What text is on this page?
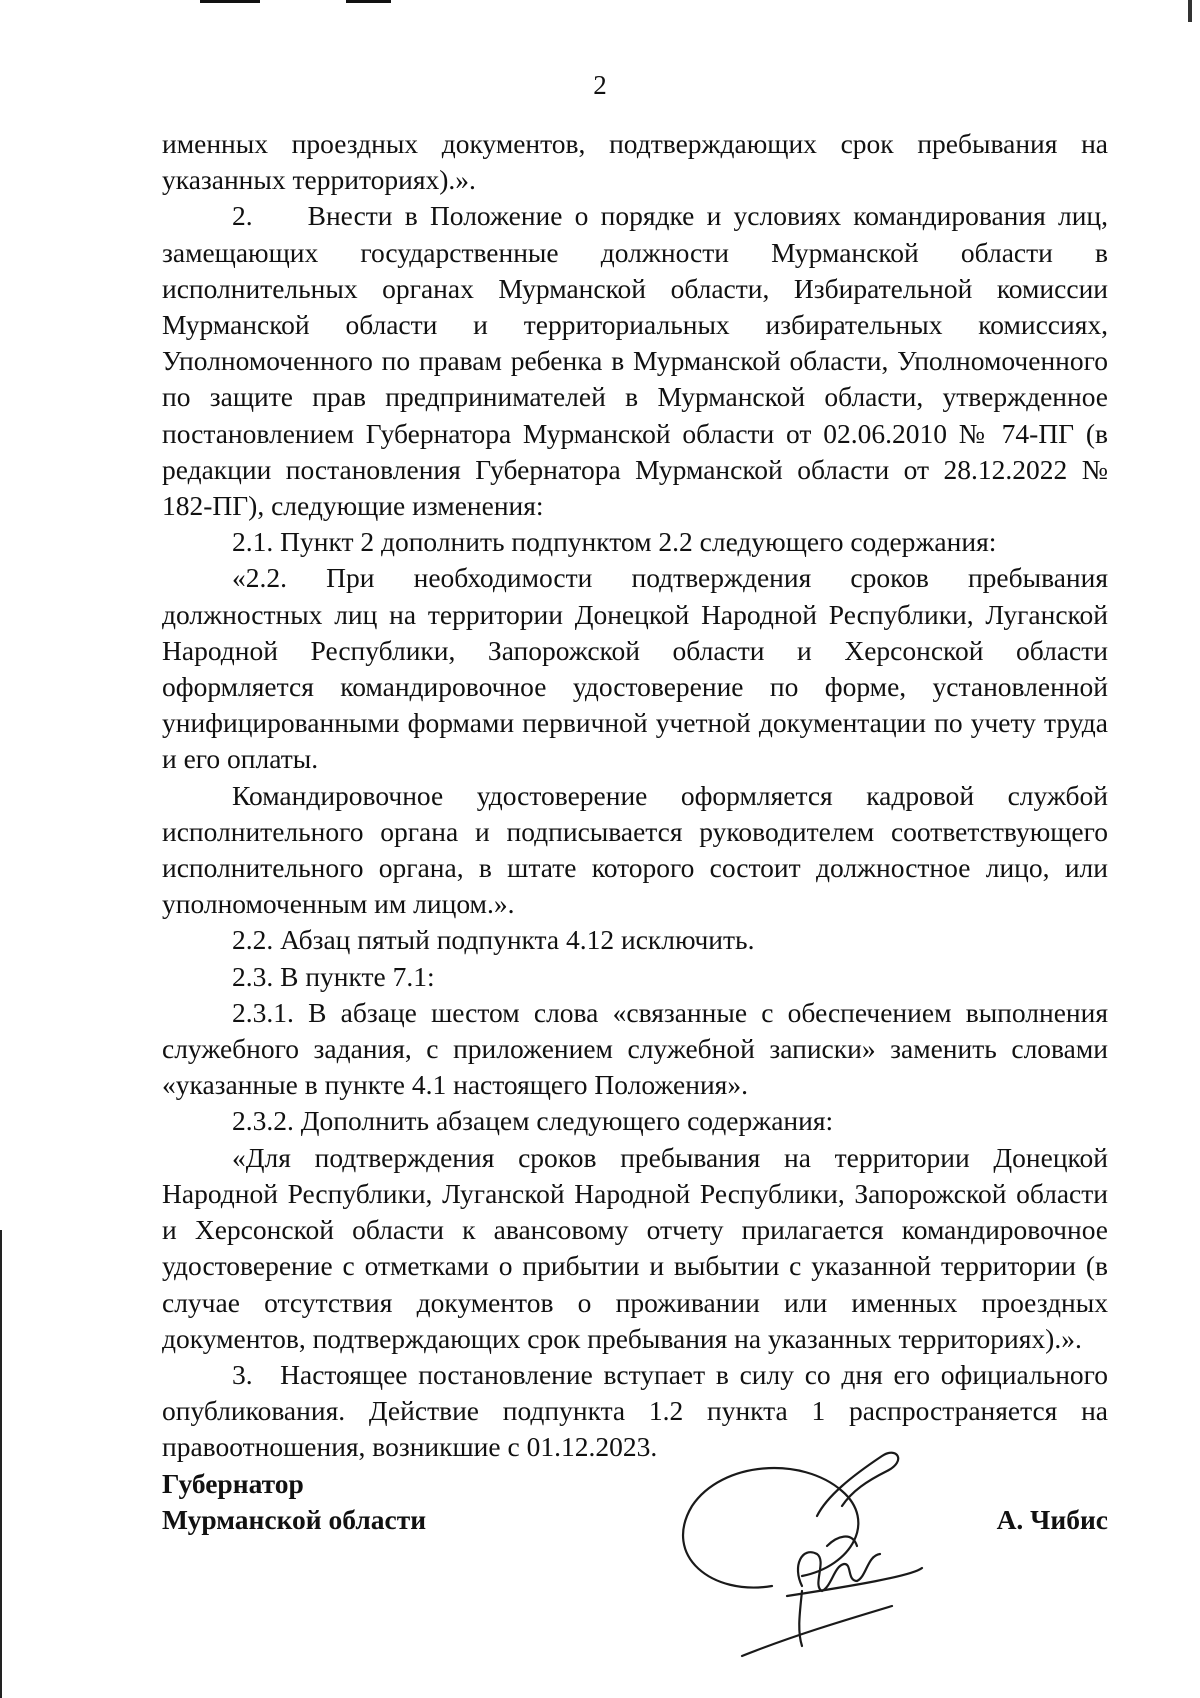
2

именных проездных документов, подтверждающих срок пребывания на указанных территориях).».

2.  Внести в Положение о порядке и условиях командирования лиц, замещающих государственные должности Мурманской области в исполнительных органах Мурманской области, Избирательной комиссии Мурманской области и территориальных избирательных комиссиях, Уполномоченного по правам ребенка в Мурманской области, Уполномоченного по защите прав предпринимателей в Мурманской области, утвержденное постановлением Губернатора Мурманской области от 02.06.2010 № 74-ПГ (в редакции постановления Губернатора Мурманской области от 28.12.2022 № 182-ПГ), следующие изменения:

2.1. Пункт 2 дополнить подпунктом 2.2 следующего содержания:

«2.2. При необходимости подтверждения сроков пребывания должностных лиц на территории Донецкой Народной Республики, Луганской Народной Республики, Запорожской области и Херсонской области оформляется командировочное удостоверение по форме, установленной унифицированными формами первичной учетной документации по учету труда и его оплаты.

Командировочное удостоверение оформляется кадровой службой исполнительного органа и подписывается руководителем соответствующего исполнительного органа, в штате которого состоит должностное лицо, или уполномоченным им лицом.».

2.2. Абзац пятый подпункта 4.12 исключить.

2.3. В пункте 7.1:

2.3.1. В абзаце шестом слова «связанные с обеспечением выполнения служебного задания, с приложением служебной записки» заменить словами «указанные в пункте 4.1 настоящего Положения».

2.3.2. Дополнить абзацем следующего содержания:

«Для подтверждения сроков пребывания на территории Донецкой Народной Республики, Луганской Народной Республики, Запорожской области и Херсонской области к авансовому отчету прилагается командировочное удостоверение с отметками о прибытии и выбытии с указанной территории (в случае отсутствия документов о проживании или именных проездных документов, подтверждающих срок пребывания на указанных территориях).».

3. Настоящее постановление вступает в силу со дня его официального опубликования. Действие подпункта 1.2 пункта 1 распространяется на правоотношения, возникшие с 01.12.2023.

Губернатор
Мурманской области	А. Чибис
